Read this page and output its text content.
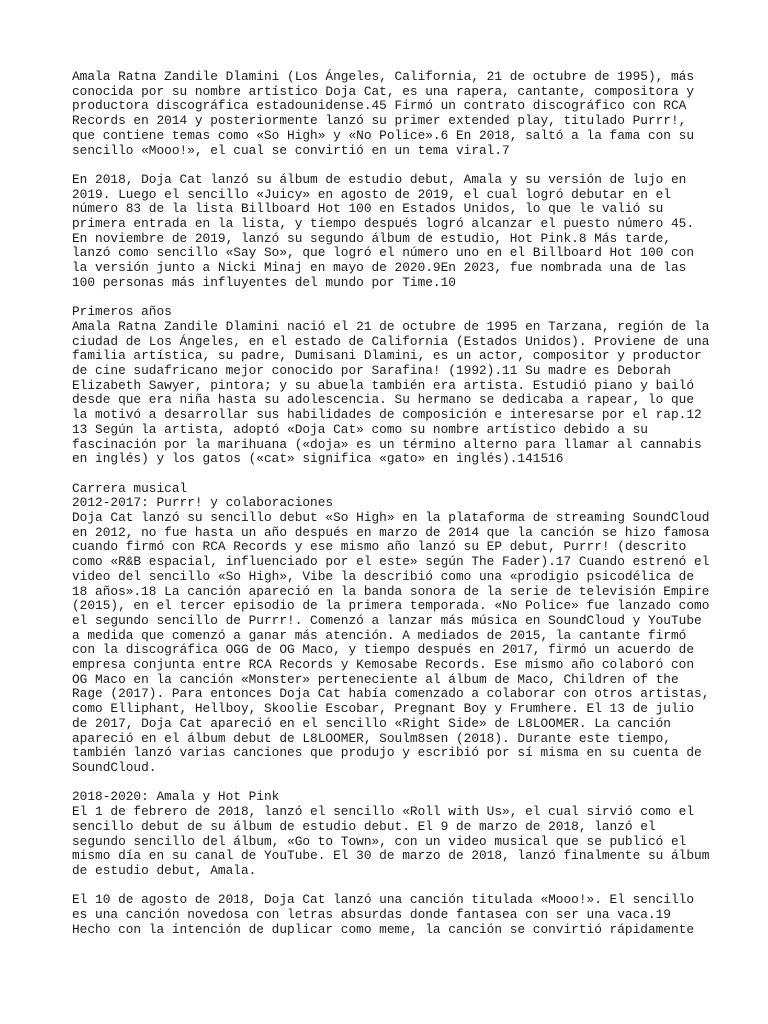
Amala Ratna Zandile Dlamini (Los Ángeles, California, 21 de octubre de 1995), más

conocida por su nombre artístico Doja Cat, es una rapera, cantante, compositora y

productora discográfica estadounidense.45 Firmó un contrato discográfico con RCA

Records en 2014 y posteriormente lanzó su primer extended play, titulado Purrr!,

que contiene temas como «So High» y «No Police».6 En 2018, saltó a la fama con su

sencillo «Mooo!», el cual se convirtió en un tema viral.7

En 2018, Doja Cat lanzó su álbum de estudio debut, Amala y su versión de lujo en

2019. Luego el sencillo «Juicy» en agosto de 2019, el cual logró debutar en el

número 83 de la lista Billboard Hot 100 en Estados Unidos, lo que le valió su

primera entrada en la lista, y tiempo después logró alcanzar el puesto número 45.

En noviembre de 2019, lanzó su segundo álbum de estudio, Hot Pink.8 Más tarde,

lanzó como sencillo «Say So», que logró el número uno en el Billboard Hot 100 con

la versión junto a Nicki Minaj en mayo de 2020.9En 2023, fue nombrada una de las

100 personas más influyentes del mundo por Time.10

Primeros años

Amala Ratna Zandile Dlamini nació el 21 de octubre de 1995 en Tarzana, región de la

ciudad de Los Ángeles, en el estado de California (Estados Unidos). Proviene de una

familia artística, su padre, Dumisani Dlamini, es un actor, compositor y productor

de cine sudafricano mejor conocido por Sarafina! (1992).11 Su madre es Deborah

Elizabeth Sawyer, pintora; y su abuela también era artista. Estudió piano y bailó

desde que era niña hasta su adolescencia. Su hermano se dedicaba a rapear, lo que

la motivó a desarrollar sus habilidades de composición e interesarse por el rap.12

13 Según la artista, adoptó «Doja Cat» como su nombre artístico debido a su

fascinación por la marihuana («doja» es un término alterno para llamar al cannabis

en inglés) y los gatos («cat» significa «gato» en inglés).141516

Carrera musical

2012-2017: Purrr! y colaboraciones

Doja Cat lanzó su sencillo debut «So High» en la plataforma de streaming SoundCloud

en 2012, no fue hasta un año después en marzo de 2014 que la canción se hizo famosa

cuando firmó con RCA Records y ese mismo año lanzó su EP debut, Purrr! (descrito

como «R&B espacial, influenciado por el este» según The Fader).17 Cuando estrenó el

video del sencillo «So High», Vibe la describió como una «prodigio psicodélica de

18 años».18 La canción apareció en la banda sonora de la serie de televisión Empire

(2015), en el tercer episodio de la primera temporada. «No Police» fue lanzado como

el segundo sencillo de Purrr!. Comenzó a lanzar más música en SoundCloud y YouTube

a medida que comenzó a ganar más atención. A mediados de 2015, la cantante firmó

con la discográfica OGG de OG Maco, y tiempo después en 2017, firmó un acuerdo de

empresa conjunta entre RCA Records y Kemosabe Records. Ese mismo año colaboró con

OG Maco en la canción «Monster» perteneciente al álbum de Maco, Children of the

Rage (2017). Para entonces Doja Cat había comenzado a colaborar con otros artistas,

como Elliphant, Hellboy, Skoolie Escobar, Pregnant Boy y Frumhere. El 13 de julio

de 2017, Doja Cat apareció en el sencillo «Right Side» de L8LOOMER. La canción

apareció en el álbum debut de L8LOOMER, Soulm8sen (2018). Durante este tiempo,

también lanzó varias canciones que produjo y escribió por sí misma en su cuenta de

SoundCloud.

2018-2020: Amala y Hot Pink

El 1 de febrero de 2018, lanzó el sencillo «Roll with Us», el cual sirvió como el

sencillo debut de su álbum de estudio debut. El 9 de marzo de 2018, lanzó el

segundo sencillo del álbum, «Go to Town», con un video musical que se publicó el

mismo día en su canal de YouTube. El 30 de marzo de 2018, lanzó finalmente su álbum

de estudio debut, Amala.

El 10 de agosto de 2018, Doja Cat lanzó una canción titulada «Mooo!». El sencillo

es una canción novedosa con letras absurdas donde fantasea con ser una vaca.19

Hecho con la intención de duplicar como meme, la canción se convirtió rápidamente
